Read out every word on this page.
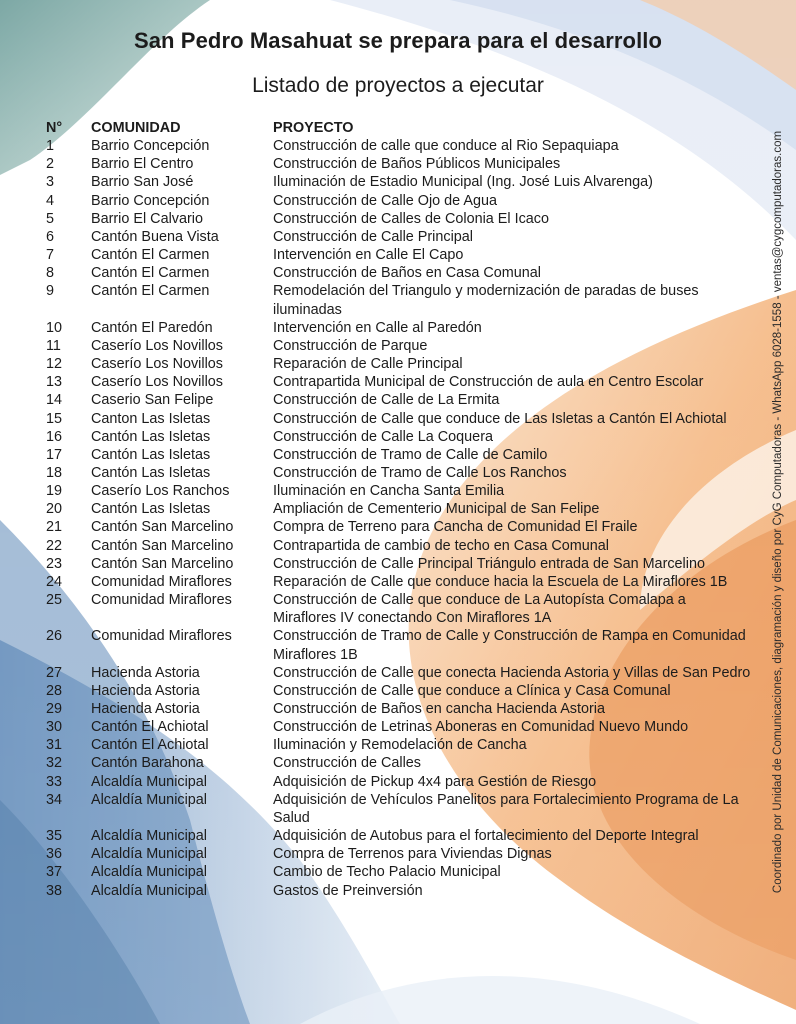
San Pedro Masahuat se prepara para el desarrollo
Listado de proyectos a ejecutar
N°	COMUNIDAD	PROYECTO
1	Barrio Concepción	Construcción de calle que conduce al Rio Sepaquiapa
2	Barrio El Centro	Construcción de Baños Públicos Municipales
3	Barrio San José	Iluminación de Estadio Municipal (Ing. José Luis Alvarenga)
4	Barrio Concepción	Construcción de Calle Ojo de Agua
5	Barrio El Calvario	Construcción de Calles de Colonia El Icaco
6	Cantón Buena Vista	Construcción de Calle Principal
7	Cantón El Carmen	Intervención en Calle El Capo
8	Cantón El Carmen	Construcción de Baños en Casa Comunal
9	Cantón El Carmen	Remodelación del Triangulo y modernización de paradas de buses iluminadas
10	Cantón El Paredón	Intervención en Calle al Paredón
11	Caserío Los Novillos	Construcción de Parque
12	Caserío Los Novillos	Reparación de Calle Principal
13	Caserío Los Novillos	Contrapartida Municipal de Construcción de aula en Centro Escolar
14	Caserio San Felipe	Construcción de Calle de La Ermita
15	Canton Las Isletas	Construcción de Calle que conduce de Las Isletas a Cantón El Achiotal
16	Cantón Las Isletas	Construcción de Calle La Coquera
17	Cantón Las Isletas	Construcción de Tramo de Calle de Camilo
18	Cantón Las Isletas	Construcción de Tramo de Calle Los Ranchos
19	Caserío Los Ranchos	Iluminación en Cancha Santa Emilia
20	Cantón Las Isletas	Ampliación de Cementerio Municipal de San Felipe
21	Cantón San Marcelino	Compra de Terreno para Cancha de Comunidad El Fraile
22	Cantón San Marcelino	Contrapartida de cambio de techo en Casa Comunal
23	Cantón San Marcelino	Construcción de Calle Principal Triángulo entrada de San Marcelino
24	Comunidad Miraflores	Reparación de Calle que conduce hacia la Escuela de La Miraflores 1B
25	Comunidad Miraflores	Construcción de Calle que conduce de La Autopísta Comalapa a Miraflores IV conectando Con Miraflores 1A
26	Comunidad Miraflores	Construcción de Tramo de Calle y Construcción de Rampa en Comunidad Miraflores 1B
27	Hacienda Astoria	Construcción de Calle que conecta Hacienda Astoria y Villas de San Pedro
28	Hacienda Astoria	Construcción de Calle que conduce a Clínica y Casa Comunal
29	Hacienda Astoria	Construcción de Baños en cancha Hacienda Astoria
30	Cantón El Achiotal	Construcción de Letrinas Aboneras en Comunidad Nuevo Mundo
31	Cantón El Achiotal	Iluminación y Remodelación de Cancha
32	Cantón Barahona	Construcción de Calles
33	Alcaldía Municipal	Adquisición de Pickup 4x4 para Gestión de Riesgo
34	Alcaldía Municipal	Adquisición de Vehículos Panelitos para Fortalecimiento Programa de La Salud
35	Alcaldía Municipal	Adquisición de Autobus para el fortalecimiento del Deporte Integral
36	Alcaldía Municipal	Compra de Terrenos para Viviendas Dignas
37	Alcaldía Municipal	Cambio de Techo Palacio Municipal
38	Alcaldía Municipal	Gastos de Preinversión	Coordinado por Unidad de Comunicaciones, diagramación y diseño por CyG Computadoras - WhatsApp 6028-1558 - ventas@cygcomputadoras.com
